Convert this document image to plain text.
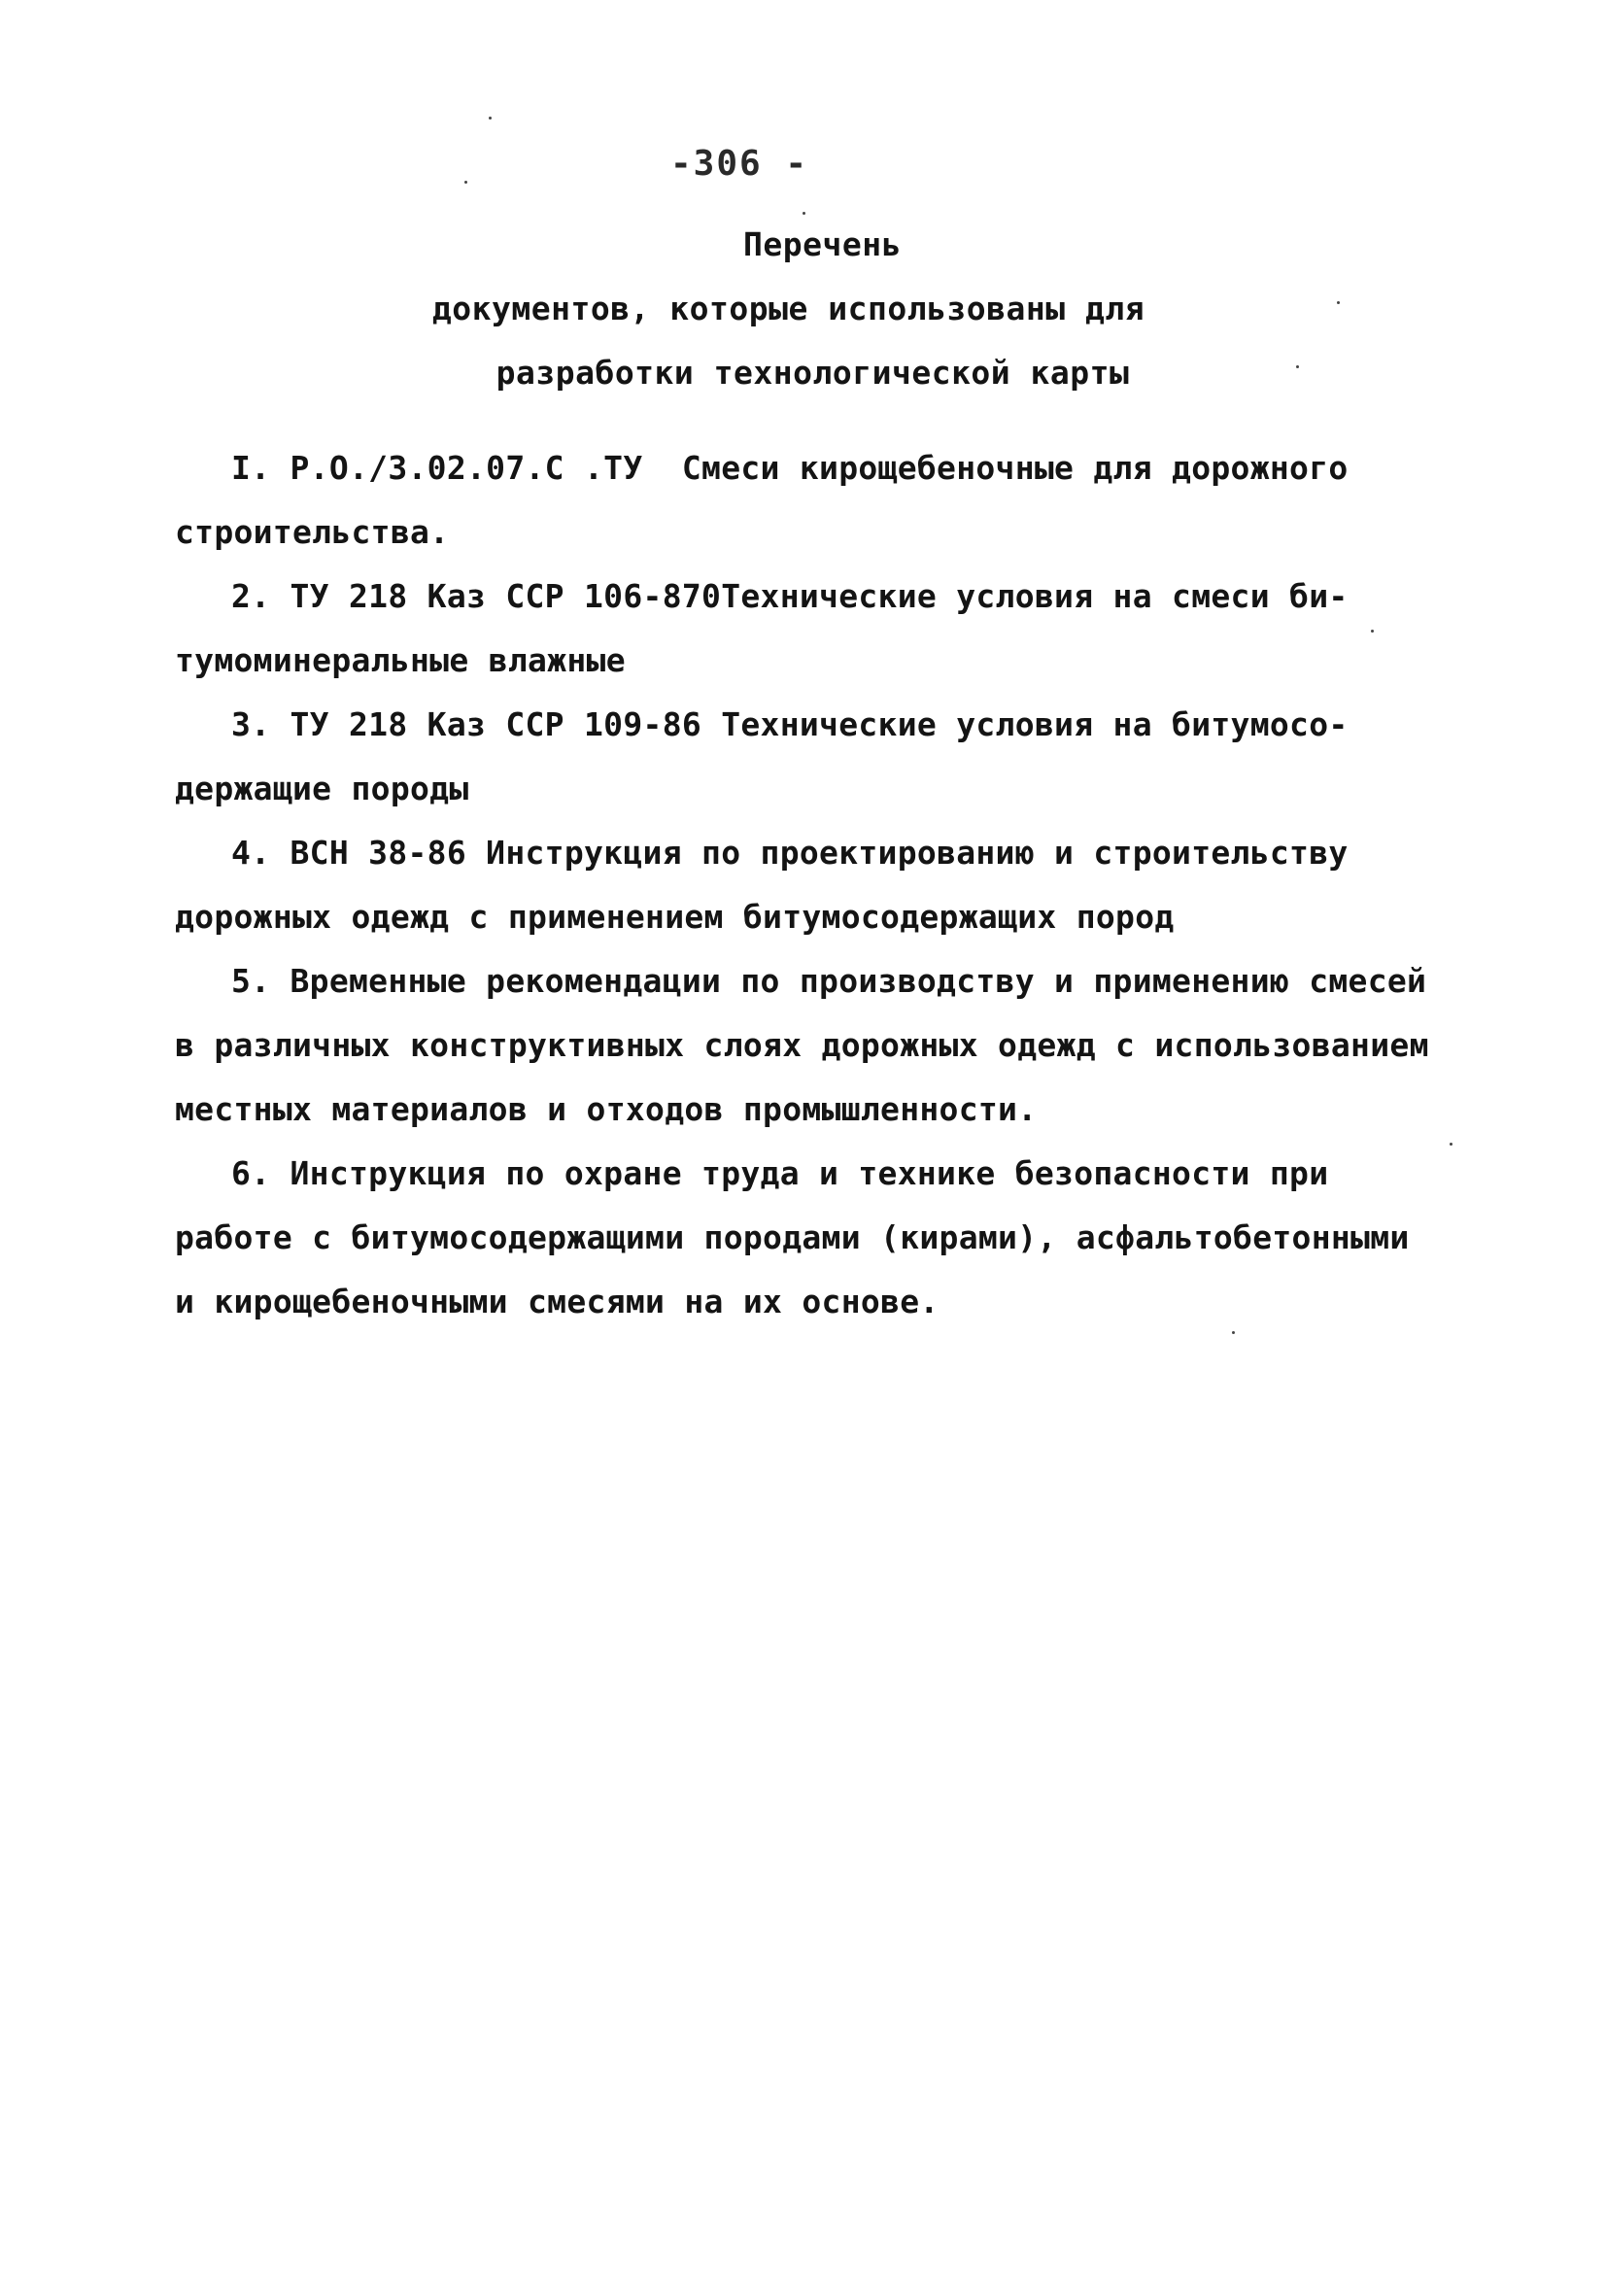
-306 -
Перечень
документов, которые использованы для
разработки технологической карты
I. Р.О./3.02.07.С .ТУ  Смеси кирощебеночные для дорожного
строительства.
2. ТУ 218 Каз ССР 106-870Технические условия на смеси би-
тумоминеральные влажные
3. ТУ 218 Каз ССР 109-86 Технические условия на битумосо-
держащие породы
4. ВСН 38-86 Инструкция по проектированию и строительству
дорожных одежд с применением битумосодержащих пород
5. Временные рекомендации по производству и применению смесей
в различных конструктивных слоях дорожных одежд с использованием
местных материалов и отходов промышленности.
6. Инструкция по охране труда и технике безопасности при
работе с битумосодержащими породами (кирами), асфальтобетонными
и кирощебеночными смесями на их основе.
